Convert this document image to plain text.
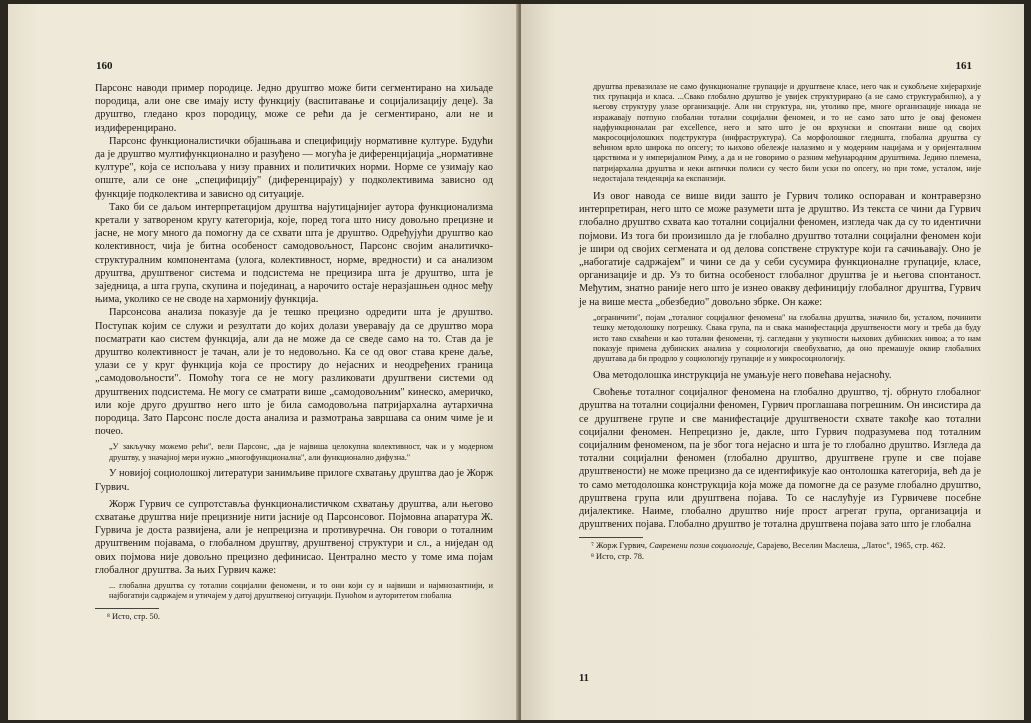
160

Парсонс наводи пример породице. Једно друштво може бити сегментирано на хиљаде породица, али оне све имају исту функцију (васпитавање и социјализацију деце). За друштво, гледано кроз породицу, може се рећи да је сегментирано, али не и издиференцирано.

Парсонс функционалистички објашњава и специфицију нормативне културе. Будући да је друштво мултифункционално и разуђено — могућа је диференцијација „нормативне културе", која се испољава у низу правних и политичких норми. Норме се узимају као опште, али се оне „специфицију" (диференцирају) у подколективима зависно од функције подколектива и зависно од ситуације.

Тако би се даљом интерпретацијом друштва најутицајнијег аутора функционализма кретали у затвореном кругу категорија, које, поред тога што нису довољно прецизне и јасне, не могу много да помогну да се схвати шта је друштво. Одређујући друштво као колективност, чија је битна особеност самодовољност, Парсонс својим аналитичко-структуралним компонентама (улога, колективност, норме, вредности) и са анализом друштва, друштвеног система и подсистема не прецизира шта је друштво, шта је заједница, а шта група, скупина и појединац, а нарочито остаје неразјашњен однос међу њима, уколико се не своде на хармонију функција.

Парсонсова анализа показује да је тешко прецизно одредити шта је друштво. Поступак којим се служи и резултати до којих долази уверавају да се друштво мора посматрати као систем функција, али да не може да се сведе само на то. Став да је друштво колективност је тачан, али је то недовољно. Ка се од овог става крене даље, улази се у круг функција која се простиру до нејасних и неодређених граница „самодовољности". Помоћу тога се не могу разликовати друштвени системи од друштвених подсистема. Не могу се сматрати више „самодовољним" кинеско, америчко, или које друго друштво него што је била самодовољна патријархална аутархична породица. Зато Парсонс после доста анализа и размотрања завршава са оним чиме је и почео.

„У закључку можемо рећи", вели Парсонс, „да је највиша целокупна колективност, чак и у модерном друштву, у значајној мери нужно „многофункционална", али функционално дифузна."

У новијој социолошкој литератури занимљиве прилоге схватању друштва дао је Жорж Гурвич.

Жорж Гурвич се супротставља функционалистичком схватању друштва, али његово схватање друштва није прецизније нити јасније од Парсонсовог. Појмовна апаратура Ж. Гурвича је доста развијена, али је непрецизна и противуречна. Он говори о тоталним друштвеним појавама, о глобалном друштву, друштвеној структури и сл., а ниједан од ових појмова није довољно прецизно дефинисао. Централно место у томе има појам глобалног друштва. За њих Гурвич каже:

... глобална друштва су тотални социјални феномени, и то они који су и највиши и најмнозантнији, и најбогатији садржајем и утичајем у датој друштвеној ситуацији. Пуноћом и ауторитетом глобална

⁸ Исто, стр. 50.

161

друштва превазилазе не само функционалне групације и друштвене класе, него чак и сукобљене хијерархије тих групација и класа. ...Свако глобално друштво је увијек структурирано (а не само структурабилно), а у његову структуру улазе организације. Али ни структура, ни, утолико пре, многе организације никада не изражавају потпуно глобални тотални социјални феномен, и то не само зато што је овај феномен надфункционалан par excellence, него и зато што је он врхунски и спонтани више од својих макросоцијолошких подструктура (инфраструктура). Са морфолошког гледишта, глобална друштва су већином врло широка по опсегу; то њихово обележје налазимо и у модерним нацијама и у оријенталним царствима и у империјалном Риму, а да и не говоримо о разним међународним друштвима. Једино племена, патријархална друштва и неки антички полиси су често били уски по опсегу, но при томе, усталом, није недостајала тенденција ка експанзији.

Из овог навода се више види зашто је Гурвич толико оспораван и контраверзно интерпретиран, него што се може разумети шта је друштво. Из текста се чини да Гурвич глобално друштво схвата као тотални социјални феномен, изгледа чак да су то идентични појмови. Из тога би произишло да је глобално друштво тотални социјални феномен који је шири од својих сегмената и од делова сопствене структуре који га сачињавају. Оно је „набогатије садржајем" и чини се да у себи сусумира функционалне групације, класе, организације и др. Уз то битна особеност глобалног друштва је и његова спонтаност. Међутим, знатно раније него што је изнео овакву дефиницију глобалног друштва, Гурвич је на више места „обезбедио" довољно збрке. Он каже:

„ограничити", појам „тоталног социјалног феномена" на глобална друштва, значило би, усталом, починити тешку методолошку погрешку. Свака група, па и свака манифестација друштвености могу и треба да буду исто тако схваћени и као тотални феномени, тј. сагледани у укупности њихових дубинских нивоа; а то нам показује примена дубинских анализа у социологији свеобухватно, да оно премашује оквир глобалних друштава да би продрло у социологију групације и у микросоциологију.

Ова методолошка инструкција не умањује него повећава нејасноћу.

Своћење тоталног социјалног феномена на глобално друштво, тј. обрнуто глобалног друштва на тотални социјални феномен, Гурвич проглашава погрешним. Он инсистира да се друштвене групе и све манифестације друштвености схвате такође као тотални социјални феномен. Непрецизно је, дакле, што Гурвич подразумева под тоталним социјалним феноменом, па је због тога нејасно и шта је то глобално друштво. Изгледа да тотални социјални феномен (глобално друштво, друштвене групе и све појаве друштвености) не може прецизно да се идентификује као онтолошка категорија, већ да је то само методолошка конструкција која може да помогне да се разуме глобално друштво, друштвена група или друштвена појава. То се наслућује из Гурвичеве посебне дијалектике. Наиме, глобално друштво није прост агрегат група, организација и друштвених појава. Глобално друштво је тотална друштвена појава зато што је глобална

⁷ Жорж Гурвич, Савремени позив социологије, Сарајево, Веселин Маслеша, „Латос", 1965, стр. 462.

⁸ Исто, стр. 78.

11
